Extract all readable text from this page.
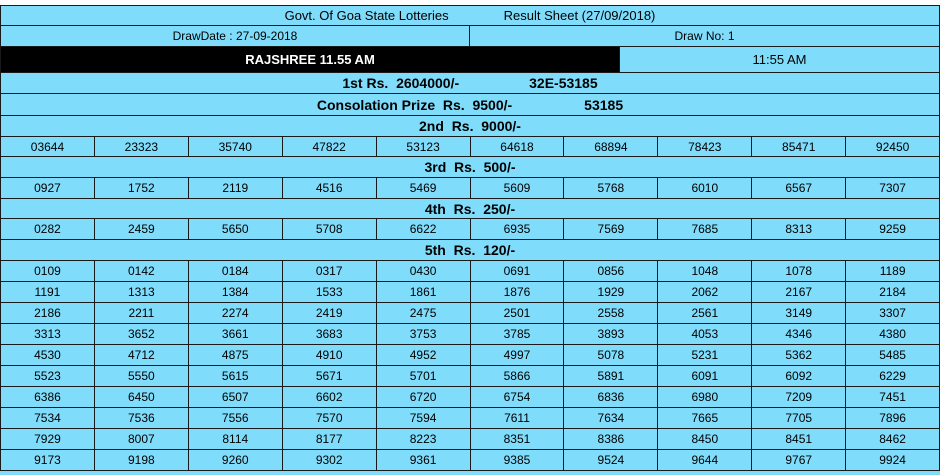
Govt. Of Goa State Lotteries	Result Sheet (27/09/2018)
DrawDate : 27-09-2018	Draw No: 1
RAJSHREE 11.55 AM	11:55 AM
1st
Rs.
2604000/-	32E-53185
Consolation Prize
Rs.
9500/-	53185
2nd
Rs.
9000/-
03644	23323	35740	47822	53123	64618	68894	78423	85471	92450
3rd
Rs.
500/-
0927	1752	2119	4516	5469	5609	5768	6010	6567	7307
4th
Rs.
250/-
0282	2459	5650	5708	6622	6935	7569	7685	8313	9259
5th
Rs.
120/-
0109	0142	0184	0317	0430	0691	0856	1048	1078	1189
1191	1313	1384	1533	1861	1876	1929	2062	2167	2184
2186	2211	2274	2419	2475	2501	2558	2561	3149	3307
3313	3652	3661	3683	3753	3785	3893	4053	4346	4380
4530	4712	4875	4910	4952	4997	5078	5231	5362	5485
5523	5550	5615	5671	5701	5866	5891	6091	6092	6229
6386	6450	6507	6602	6720	6754	6836	6980	7209	7451
7534	7536	7556	7570	7594	7611	7634	7665	7705	7896
7929	8007	8114	8177	8223	8351	8386	8450	8451	8462
9173	9198	9260	9302	9361	9385	9524	9644	9767	9924
